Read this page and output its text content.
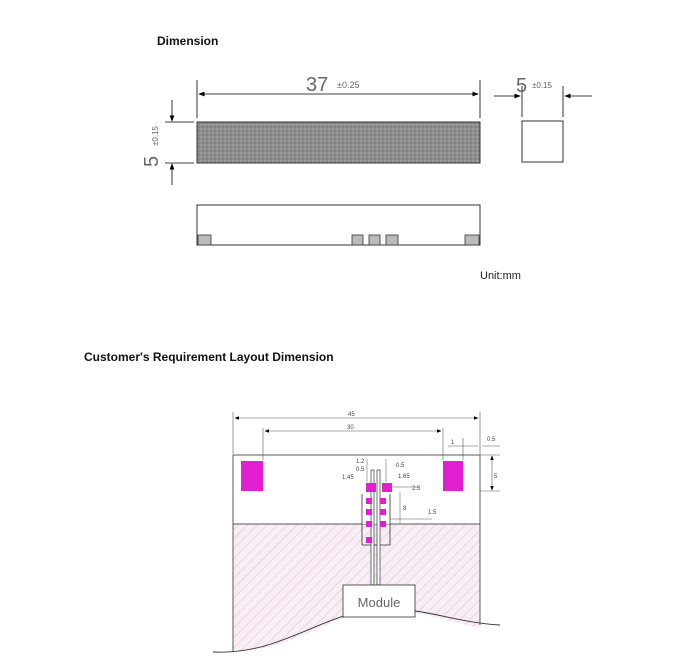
Dimension
Customer's Requirement Layout Dimension
Unit:mm
37 ±0.25
5
±0.15
5 ±0.15
Module
45
30
1	0.5
5
1.2
0.5
0.5
1.45	1.65
2.5
8
1.5
